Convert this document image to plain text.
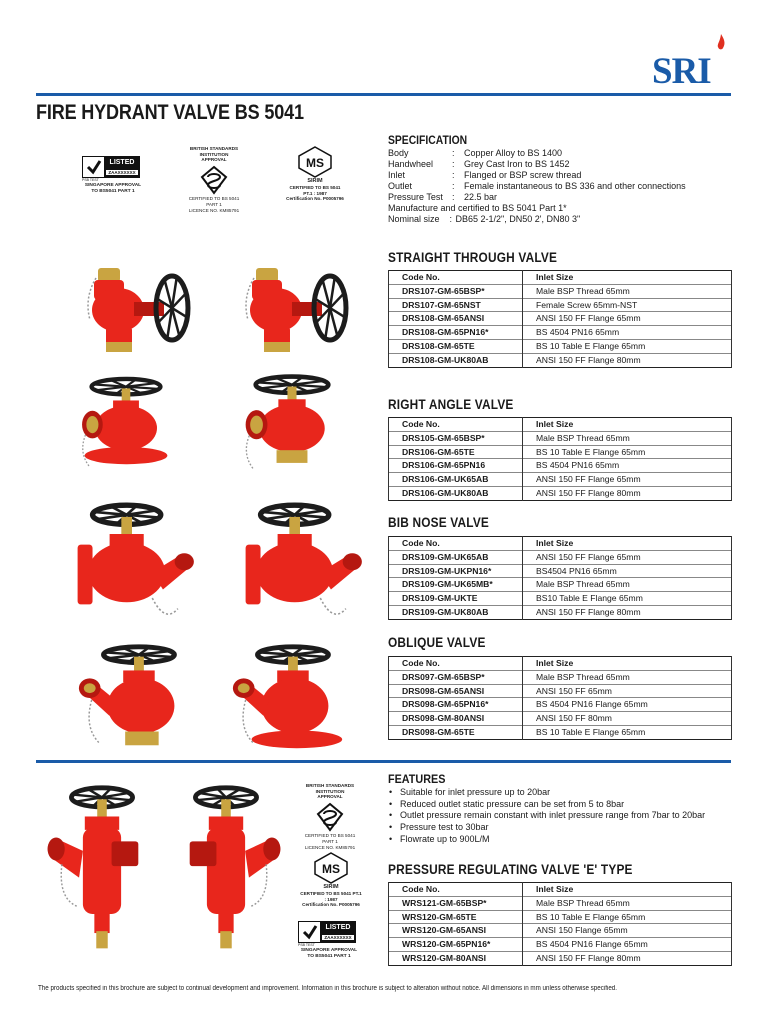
SRI
FIRE HYDRANT VALVE BS 5041
LISTED
ZAAXXXXXX
PSB TEST
SINGAPORE APPROVAL
TO BS5041 PART 1
BRITISH STANDARDS
INSTITUTION APPROVAL
CERTIFIED TO BS 5041 PART 1
LICENCE NO. KM85791
MS
SIRIM
CERTIFIED TO BS 5041 PT.1 : 1987
Certification No. P0005796
SPECIFICATION
Body	:	Copper Alloy to BS 1400
Handwheel	:	Grey Cast Iron to BS 1452
Inlet	:	Flanged or BSP screw thread
Outlet	:	Female instantaneous to BS 336 and other connections
Pressure Test	:	22.5 bar
Manufacture and certified to BS 5041 Part 1*
Nominal size	: DB65 2-1/2", DN50 2', DN80 3"
STRAIGHT THROUGH VALVE
Code No.	Inlet Size
DRS107-GM-65BSP*	Male BSP Thread 65mm
DRS107-GM-65NST	Female Screw 65mm-NST
DRS108-GM-65ANSI	ANSI 150 FF Flange 65mm
DRS108-GM-65PN16*	BS 4504 PN16 65mm
DRS108-GM-65TE	BS 10 Table E Flange 65mm
DRS108-GM-UK80AB	ANSI 150 FF Flange 80mm
RIGHT ANGLE VALVE
Code No.	Inlet Size
DRS105-GM-65BSP*	Male BSP Thread 65mm
DRS106-GM-65TE	BS 10 Table E Flange 65mm
DRS106-GM-65PN16	BS 4504 PN16 65mm
DRS106-GM-UK65AB	ANSI 150 FF Flange 65mm
DRS106-GM-UK80AB	ANSI 150 FF Flange 80mm
BIB NOSE VALVE
Code No.	Inlet Size
DRS109-GM-UK65AB	ANSI 150 FF Flange 65mm
DRS109-GM-UKPN16*	BS4504 PN16 65mm
DRS109-GM-UK65MB*	Male BSP Thread 65mm
DRS109-GM-UKTE	BS10 Table E Flange 65mm
DRS109-GM-UK80AB	ANSI 150 FF Flange 80mm
OBLIQUE VALVE
Code No.	Inlet Size
DRS097-GM-65BSP*	Male BSP Thread 65mm
DRS098-GM-65ANSI	ANSI 150 FF 65mm
DRS098-GM-65PN16*	BS 4504 PN16 Flange 65mm
DRS098-GM-80ANSI	ANSI 150 FF 80mm
DRS098-GM-65TE	BS 10 Table E Flange 65mm
FEATURES
• Suitable for inlet pressure up to 20bar
• Reduced outlet static pressure can be set from 5 to 8bar
• Outlet pressure remain constant with inlet pressure range from 7bar to 20bar
• Pressure test to 30bar
• Flowrate up to 900L/M
PRESSURE REGULATING VALVE 'E' TYPE
Code No.	Inlet Size
WRS121-GM-65BSP*	Male BSP Thread 65mm
WRS120-GM-65TE	BS 10 Table E Flange 65mm
WRS120-GM-65ANSI	ANSI 150 Flange 65mm
WRS120-GM-65PN16*	BS 4504 PN16 Flange 65mm
WRS120-GM-80ANSI	ANSI 150 FF Flange 80mm
BRITISH STANDARDS
INSTITUTION APPROVAL
CERTIFIED TO BS 5041 PART 1
LICENCE NO. KM85791
MS
SIRIM
CERTIFIED TO BS 5041 PT.1 : 1987
Certification No. P0005796
LISTED
ZAAXXXXXX
PSB TEST
SINGAPORE APPROVAL
TO BS5041 PART 1
The products specified in this brochure are subject to continual development and improvement. Information in this brochure is subject to alteration without notice. All dimensions in mm unless otherwise specified.
